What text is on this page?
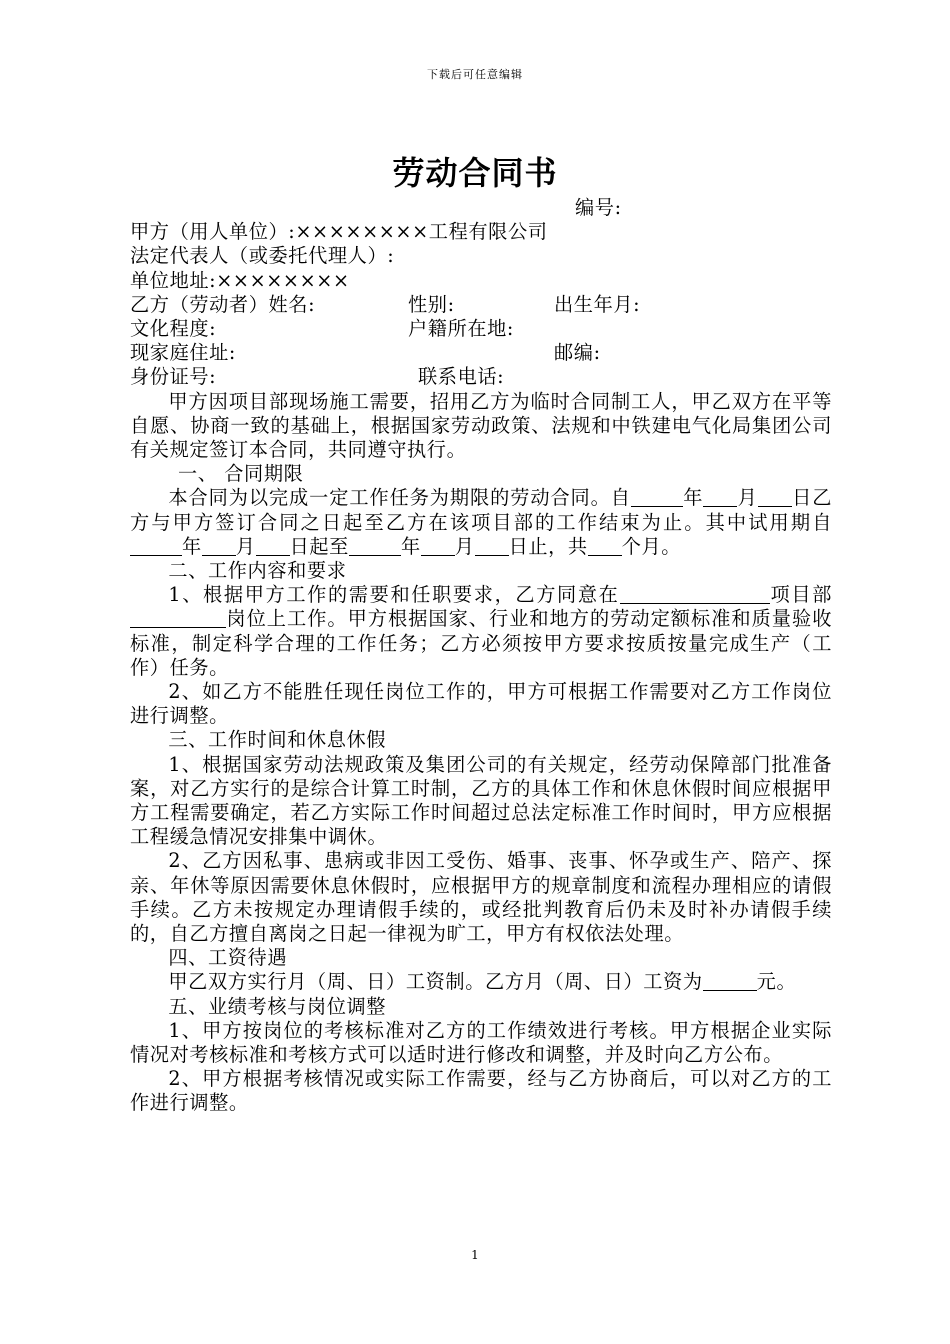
下载后可任意编辑
劳动合同书
编号:
甲方（用人单位）:××××××××工程有限公司
法定代表人（或委托代理人）:
单位地址:××××××××
乙方（劳动者）姓名:	性别:	出生年月:
文化程度:	户籍所在地:
现家庭住址:	邮编:
身份证号:	联系电话:

甲方因项目部现场施工需要，招用乙方为临时合同制工人，甲乙双方在平等自愿、协商一致的基础上，根据国家劳动政策、法规和中铁建电气化局集团公司有关规定签订本合同，共同遵守执行。

一、 合同期限

本合同为以完成一定工作任务为期限的劳动合同。自	年 月 日乙方与甲方签订合同之日起至乙方在该项目部的工作结束为止。其中试用期自年 月 日起至	年 月 日止，共 个月。

二、工作内容和要求

1、根据甲方工作的需要和任职要求，乙方同意在	项目部岗位上工作。甲方根据国家、行业和地方的劳动定额标准和质量验收标准，制定科学合理的工作任务；乙方必须按甲方要求按质按量完成生产（工作）任务。

2、如乙方不能胜任现任岗位工作的，甲方可根据工作需要对乙方工作岗位进行调整。

三、工作时间和休息休假

1、根据国家劳动法规政策及集团公司的有关规定，经劳动保障部门批准备案，对乙方实行的是综合计算工时制，乙方的具体工作和休息休假时间应根据甲方工程需要确定，若乙方实际工作时间超过总法定标准工作时间时，甲方应根据工程缓急情况安排集中调休。

2、乙方因私事、患病或非因工受伤、婚事、丧事、怀孕或生产、陪产、探亲、年休等原因需要休息休假时，应根据甲方的规章制度和流程办理相应的请假手续。乙方未按规定办理请假手续的，或经批判教育后仍未及时补办请假手续的，自乙方擅自离岗之日起一律视为旷工，甲方有权依法处理。

四、工资待遇

甲乙双方实行月（周、日）工资制。乙方月（周、日）工资为	元。

五、业绩考核与岗位调整

1、甲方按岗位的考核标准对乙方的工作绩效进行考核。甲方根据企业实际情况对考核标准和考核方式可以适时进行修改和调整，并及时向乙方公布。

2、甲方根据考核情况或实际工作需要，经与乙方协商后，可以对乙方的工作进行调整。

1
